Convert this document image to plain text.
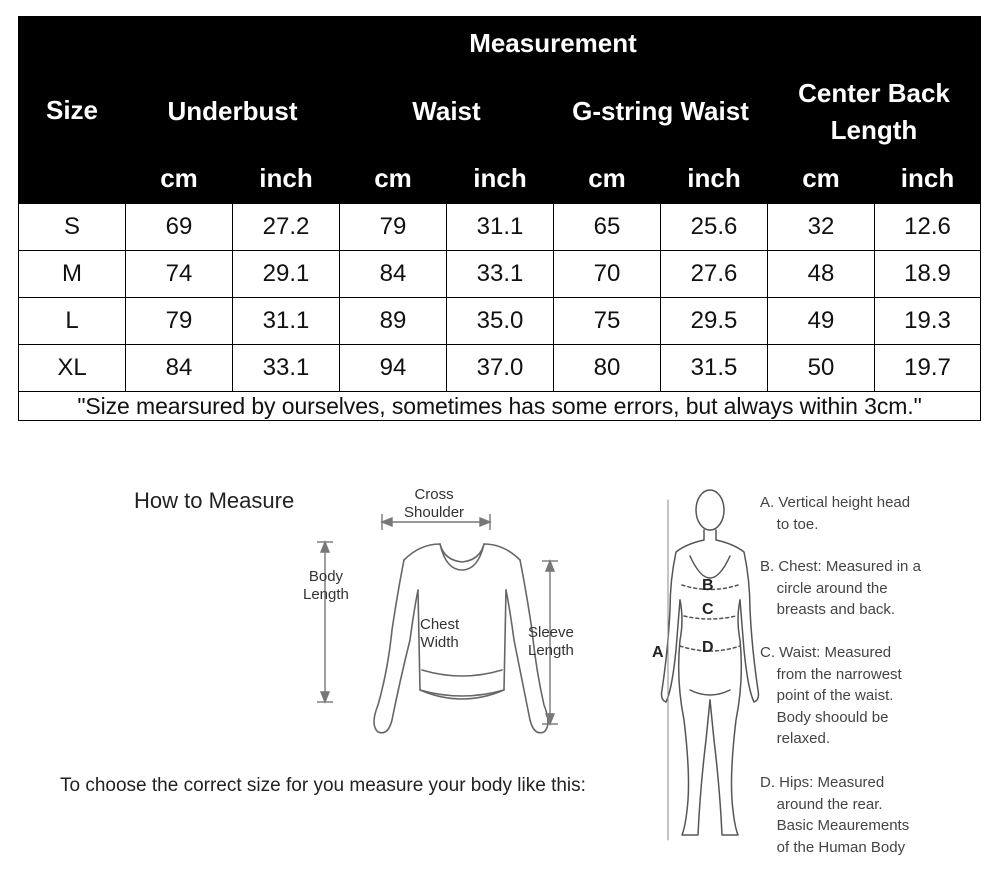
Size	Measurement							
	Underbust		Waist		G-string Waist		Center Back Length	
	cm	inch	cm	inch	cm	inch	cm	inch
S	69	27.2	79	31.1	65	25.6	32	12.6
M	74	29.1	84	33.1	70	27.6	48	18.9
L	79	31.1	89	35.0	75	29.5	49	19.3
XL	84	33.1	94	37.0	80	31.5	50	19.7
"Size mearsured by ourselves, sometimes has some errors, but always within 3cm."								
How to Measure
A
B
C
D
Cross
Shoulder
Body
Length
Chest
Width
Sleeve
Length
To choose the correct size for you measure your body like this:
A. Vertical height head
to toe.
B. Chest: Measured in a
circle around the
breasts and back.
C. Waist: Measured
from the narrowest
point of the waist.
Body shoould be
relaxed.
D. Hips: Measured
around the rear.
Basic Meaurements
of the Human Body
